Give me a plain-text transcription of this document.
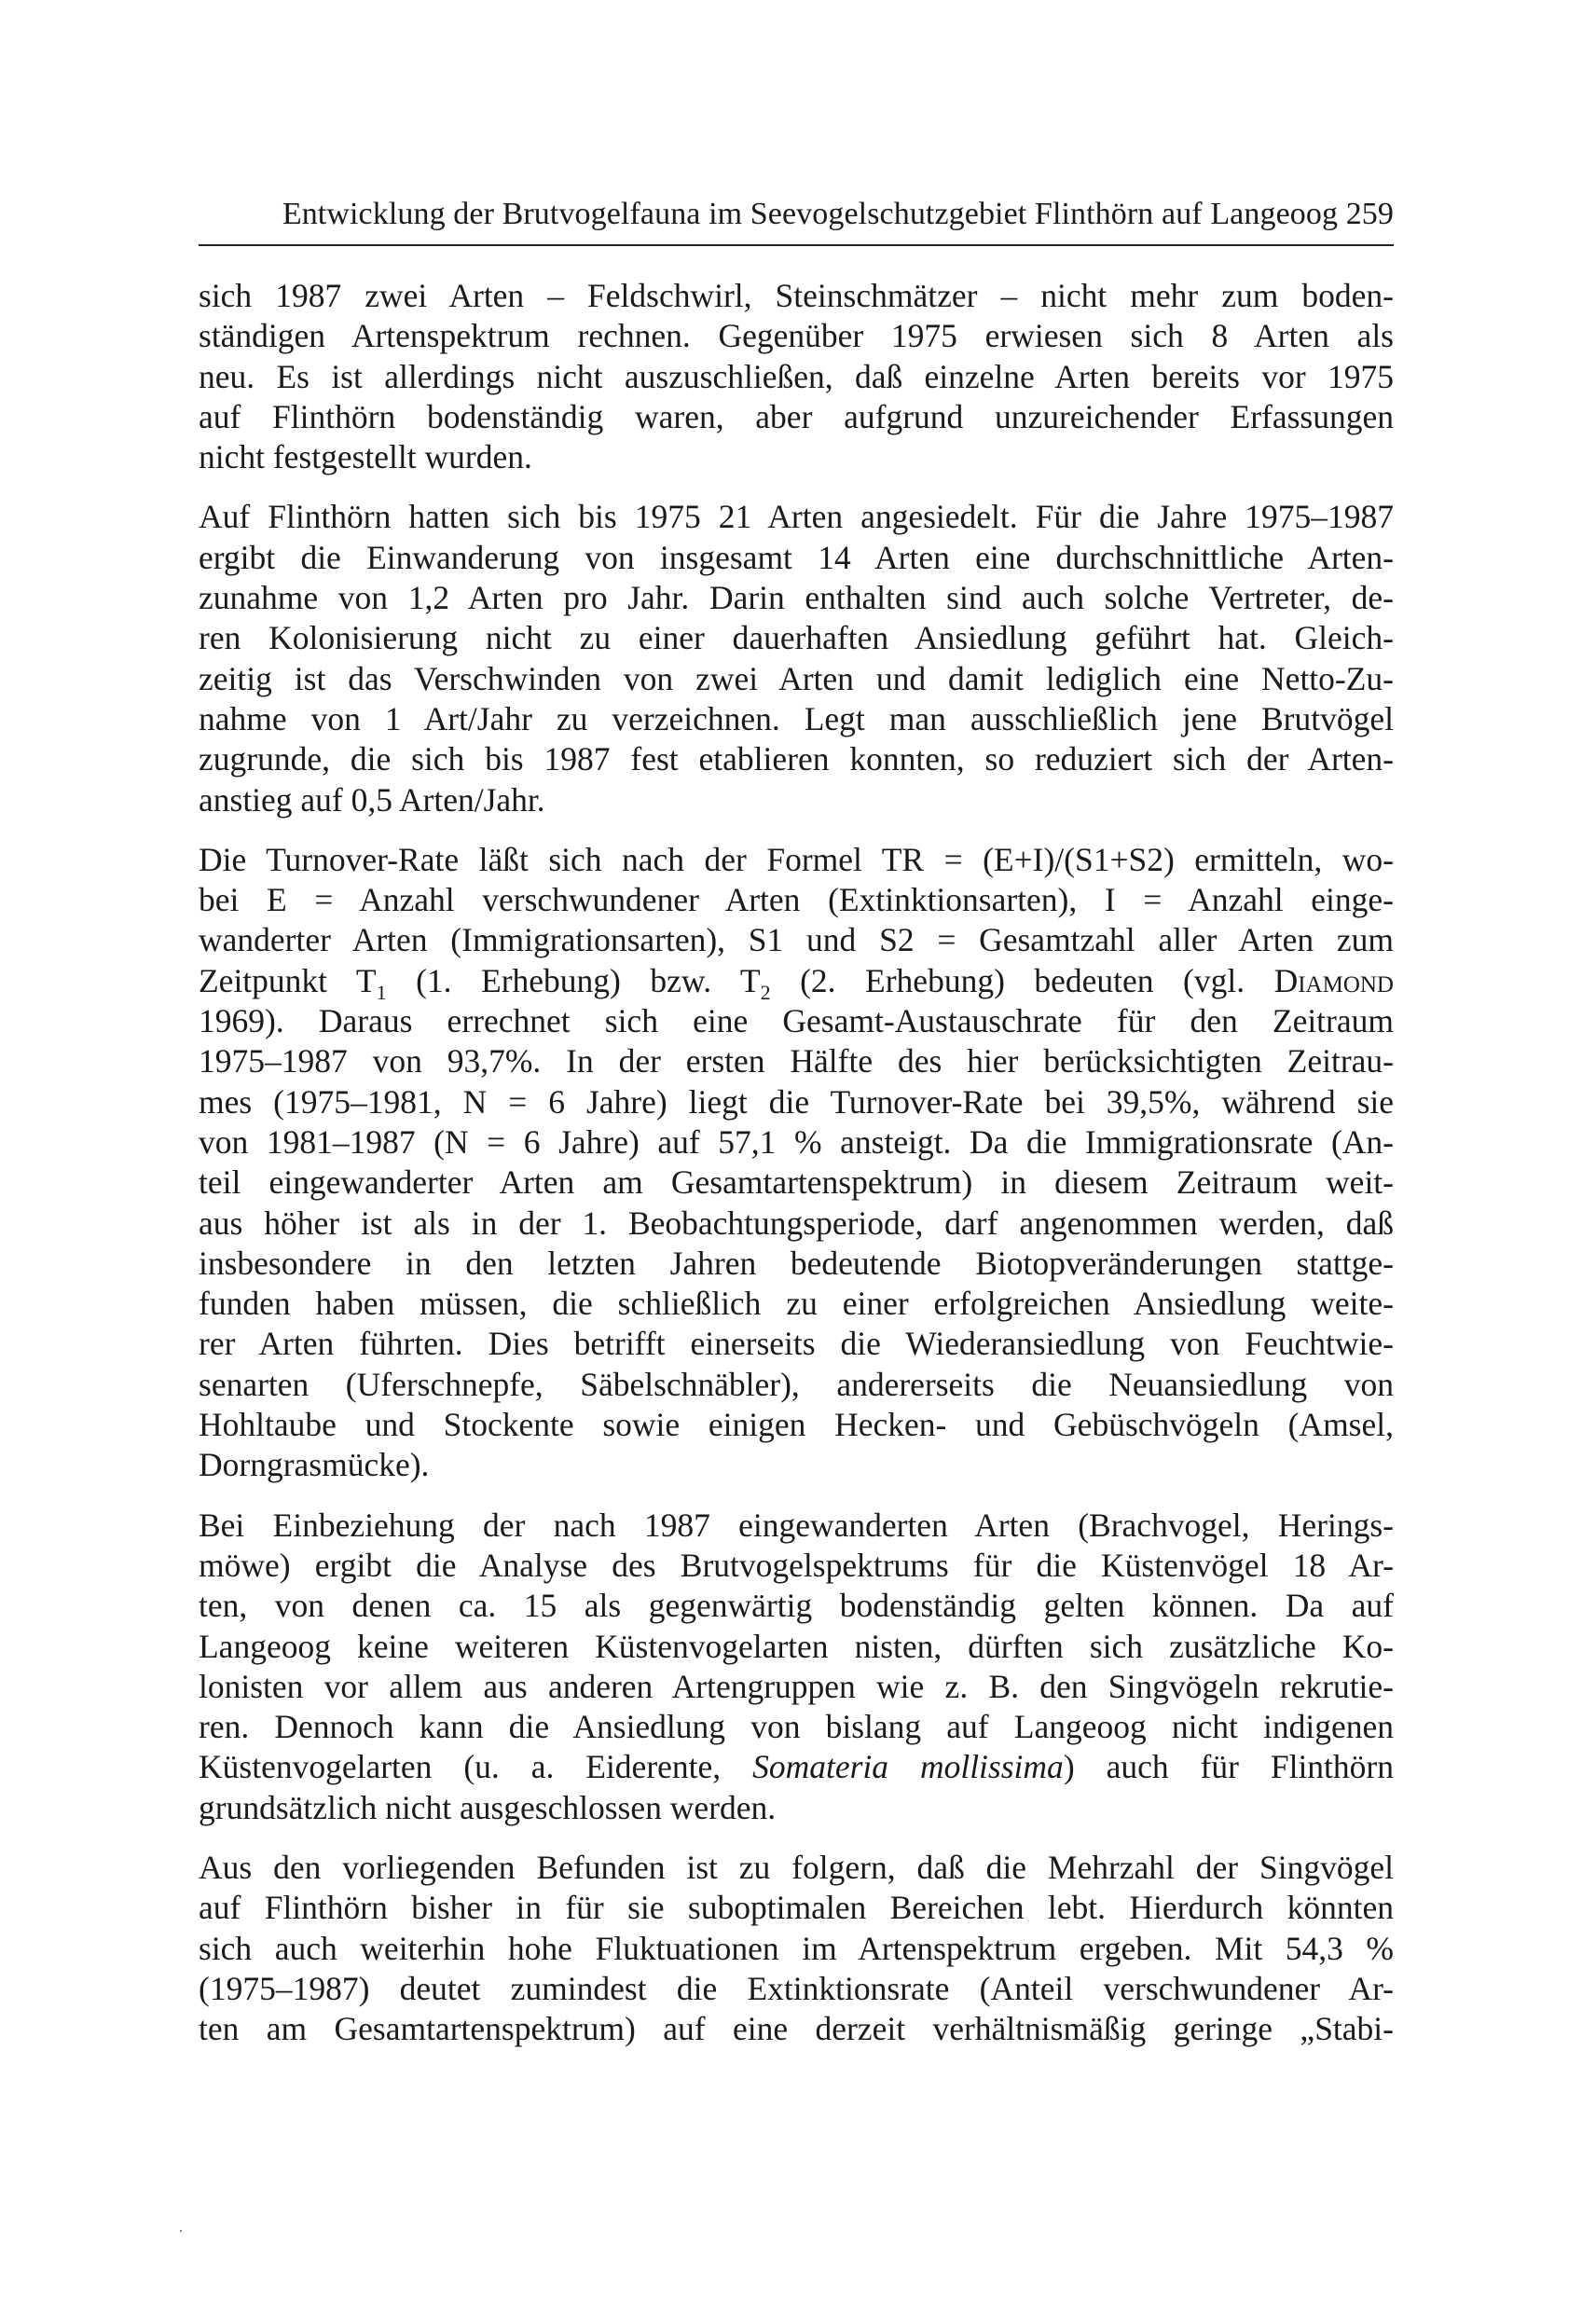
Entwicklung der Brutvogelfauna im Seevogelschutzgebiet Flinthörn auf Langeoog 259
sich 1987 zwei Arten – Feldschwirl, Steinschmätzer – nicht mehr zum boden-
ständigen Artenspektrum rechnen. Gegenüber 1975 erwiesen sich 8 Arten als
neu. Es ist allerdings nicht auszuschließen, daß einzelne Arten bereits vor 1975
auf Flinthörn bodenständig waren, aber aufgrund unzureichender Erfassungen
nicht festgestellt wurden.
Auf Flinthörn hatten sich bis 1975 21 Arten angesiedelt. Für die Jahre 1975–1987
ergibt die Einwanderung von insgesamt 14 Arten eine durchschnittliche Arten-
zunahme von 1,2 Arten pro Jahr. Darin enthalten sind auch solche Vertreter, de-
ren Kolonisierung nicht zu einer dauerhaften Ansiedlung geführt hat. Gleich-
zeitig ist das Verschwinden von zwei Arten und damit lediglich eine Netto-Zu-
nahme von 1 Art/Jahr zu verzeichnen. Legt man ausschließlich jene Brutvögel
zugrunde, die sich bis 1987 fest etablieren konnten, so reduziert sich der Arten-
anstieg auf 0,5 Arten/Jahr.
Die Turnover-Rate läßt sich nach der Formel TR = (E+I)/(S1+S2) ermitteln, wo-
bei E = Anzahl verschwundener Arten (Extinktionsarten), I = Anzahl einge-
wanderter Arten (Immigrationsarten), S1 und S2 = Gesamtzahl aller Arten zum
Zeitpunkt $T_1$ (1. Erhebung) bzw. $T_2$ (2. Erhebung) bedeuten (vgl. Diamond
1969). Daraus errechnet sich eine Gesamt-Austauschrate für den Zeitraum
1975–1987 von 93,7%. In der ersten Hälfte des hier berücksichtigten Zeitrau-
mes (1975–1981, N = 6 Jahre) liegt die Turnover-Rate bei 39,5%, während sie
von 1981–1987 (N = 6 Jahre) auf 57,1 % ansteigt. Da die Immigrationsrate (An-
teil eingewanderter Arten am Gesamtartenspektrum) in diesem Zeitraum weit-
aus höher ist als in der 1. Beobachtungsperiode, darf angenommen werden, daß
insbesondere in den letzten Jahren bedeutende Biotopveränderungen stattge-
funden haben müssen, die schließlich zu einer erfolgreichen Ansiedlung weite-
rer Arten führten. Dies betrifft einerseits die Wiederansiedlung von Feuchtwie-
senarten (Uferschnepfe, Säbelschnäbler), andererseits die Neuansiedlung von
Hohltaube und Stockente sowie einigen Hecken- und Gebüschvögeln (Amsel,
Dorngrasmücke).
Bei Einbeziehung der nach 1987 eingewanderten Arten (Brachvogel, Herings-
möwe) ergibt die Analyse des Brutvogelspektrums für die Küstenvögel 18 Ar-
ten, von denen ca. 15 als gegenwärtig bodenständig gelten können. Da auf
Langeoog keine weiteren Küstenvogelarten nisten, dürften sich zusätzliche Ko-
lonisten vor allem aus anderen Artengruppen wie z. B. den Singvögeln rekrutie-
ren. Dennoch kann die Ansiedlung von bislang auf Langeoog nicht indigenen
Küstenvogelarten (u. a. Eiderente, Somateria mollissima) auch für Flinthörn
grundsätzlich nicht ausgeschlossen werden.
Aus den vorliegenden Befunden ist zu folgern, daß die Mehrzahl der Singvögel
auf Flinthörn bisher in für sie suboptimalen Bereichen lebt. Hierdurch könnten
sich auch weiterhin hohe Fluktuationen im Artenspektrum ergeben. Mit 54,3 %
(1975–1987) deutet zumindest die Extinktionsrate (Anteil verschwundener Ar-
ten am Gesamtartenspektrum) auf eine derzeit verhältnismäßig geringe „Stabi-
